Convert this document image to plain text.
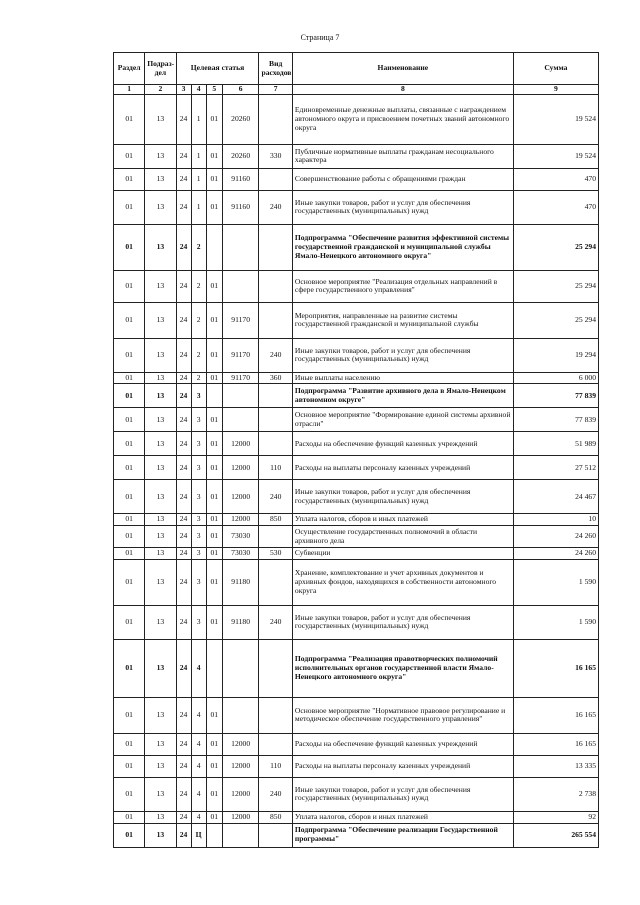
Страница 7
Раздел	Подраз-дел	Целевая статья				Вид расходов	Наименование	Сумма
1	2	3	4	5	6	7	8	9
01	13	24	1	01	20260		Единовременные денежные выплаты, связанные с награждением автономного округа и присвоением почетных званий автономного округа	19 524
01	13	24	1	01	20260	330	Публичные нормативные выплаты гражданам несоциального характера	19 524
01	13	24	1	01	91160		Совершенствование работы с обращениями граждан	470
01	13	24	1	01	91160	240	Иные закупки товаров, работ и услуг для обеспечения государственных (муниципальных) нужд	470
01	13	24	2				Подпрограмма "Обеспечение развития эффективной системы государственной гражданской и муниципальной службы Ямало-Ненецкого автономного округа"	25 294
01	13	24	2	01			Основное мероприятие "Реализация отдельных направлений в сфере государственного управления"	25 294
01	13	24	2	01	91170		Мероприятия, направленные на развитие системы государственной гражданской и муниципальной службы	25 294
01	13	24	2	01	91170	240	Иные закупки товаров, работ и услуг для обеспечения государственных (муниципальных) нужд	19 294
01	13	24	2	01	91170	360	Иные выплаты населению	6 000
01	13	24	3				Подпрограмма "Развитие архивного дела в Ямало-Ненецком автономном округе"	77 839
01	13	24	3	01			Основное мероприятие "Формирование единой системы архивной отрасли"	77 839
01	13	24	3	01	12000		Расходы на обеспечение функций казенных учреждений	51 989
01	13	24	3	01	12000	110	Расходы на выплаты персоналу казенных учреждений	27 512
01	13	24	3	01	12000	240	Иные закупки товаров, работ и услуг для обеспечения государственных (муниципальных) нужд	24 467
01	13	24	3	01	12000	850	Уплата налогов, сборов и иных платежей	10
01	13	24	3	01	73030		Осуществление государственных полномочий в области архивного дела	24 260
01	13	24	3	01	73030	530	Субвенции	24 260
01	13	24	3	01	91180		Хранение, комплектование и учет архивных документов и архивных фондов, находящихся в собственности автономного округа	1 590
01	13	24	3	01	91180	240	Иные закупки товаров, работ и услуг для обеспечения государственных (муниципальных) нужд	1 590
01	13	24	4				Подпрограмма "Реализация правотворческих полномочий исполнительных органов государственной власти Ямало-Ненецкого автономного округа"	16 165
01	13	24	4	01			Основное мероприятие "Нормативное правовое регулирование и методическое обеспечение государственного управления"	16 165
01	13	24	4	01	12000		Расходы на обеспечение функций казенных учреждений	16 165
01	13	24	4	01	12000	110	Расходы на выплаты персоналу казенных учреждений	13 335
01	13	24	4	01	12000	240	Иные закупки товаров, работ и услуг для обеспечения государственных (муниципальных) нужд	2 738
01	13	24	4	01	12000	850	Уплата налогов, сборов и иных платежей	92
01	13	24	Ц				Подпрограмма "Обеспечение реализации Государственной программы"	265 554
